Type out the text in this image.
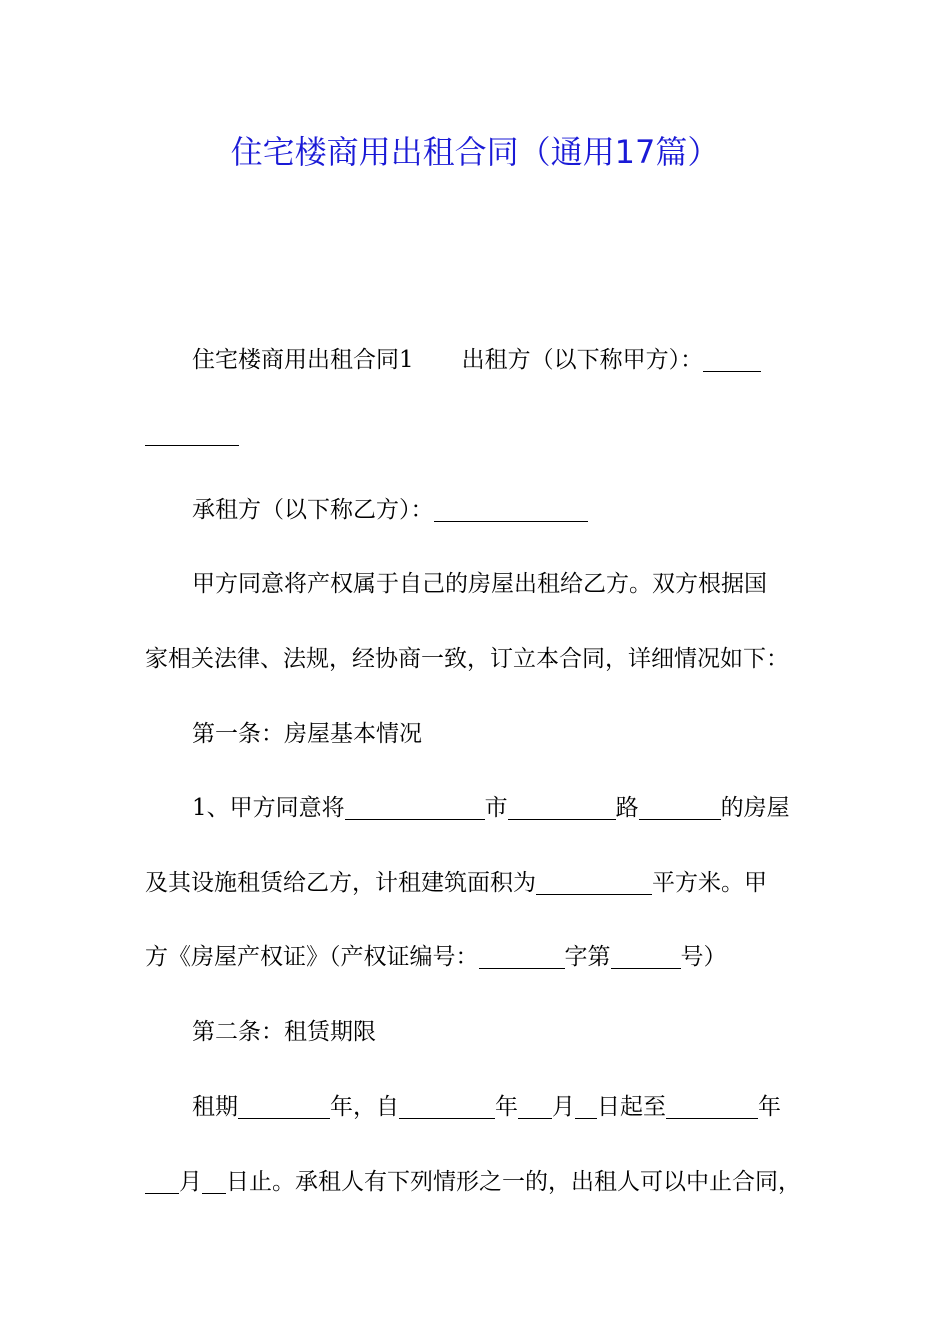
住宅楼商用出租合同（通用17篇）

住宅楼商用出租合同1 出租方（以下称甲方）：

承租方（以下称乙方）：

甲方同意将产权属于自己的房屋出租给乙方。双方根据国

家相关法律、法规，经协商一致，订立本合同，详细情况如下：

第一条：房屋基本情况

1、甲方同意将	市	路	的房屋

及其设施租赁给乙方，计租建筑面积为	平方米。甲

方《房屋产权证》（产权证编号：	字第	号）

第二条：租赁期限

租期	年，自	年 月 日起至	年

月 日止。承租人有下列情形之一的，出租人可以中止合同，
